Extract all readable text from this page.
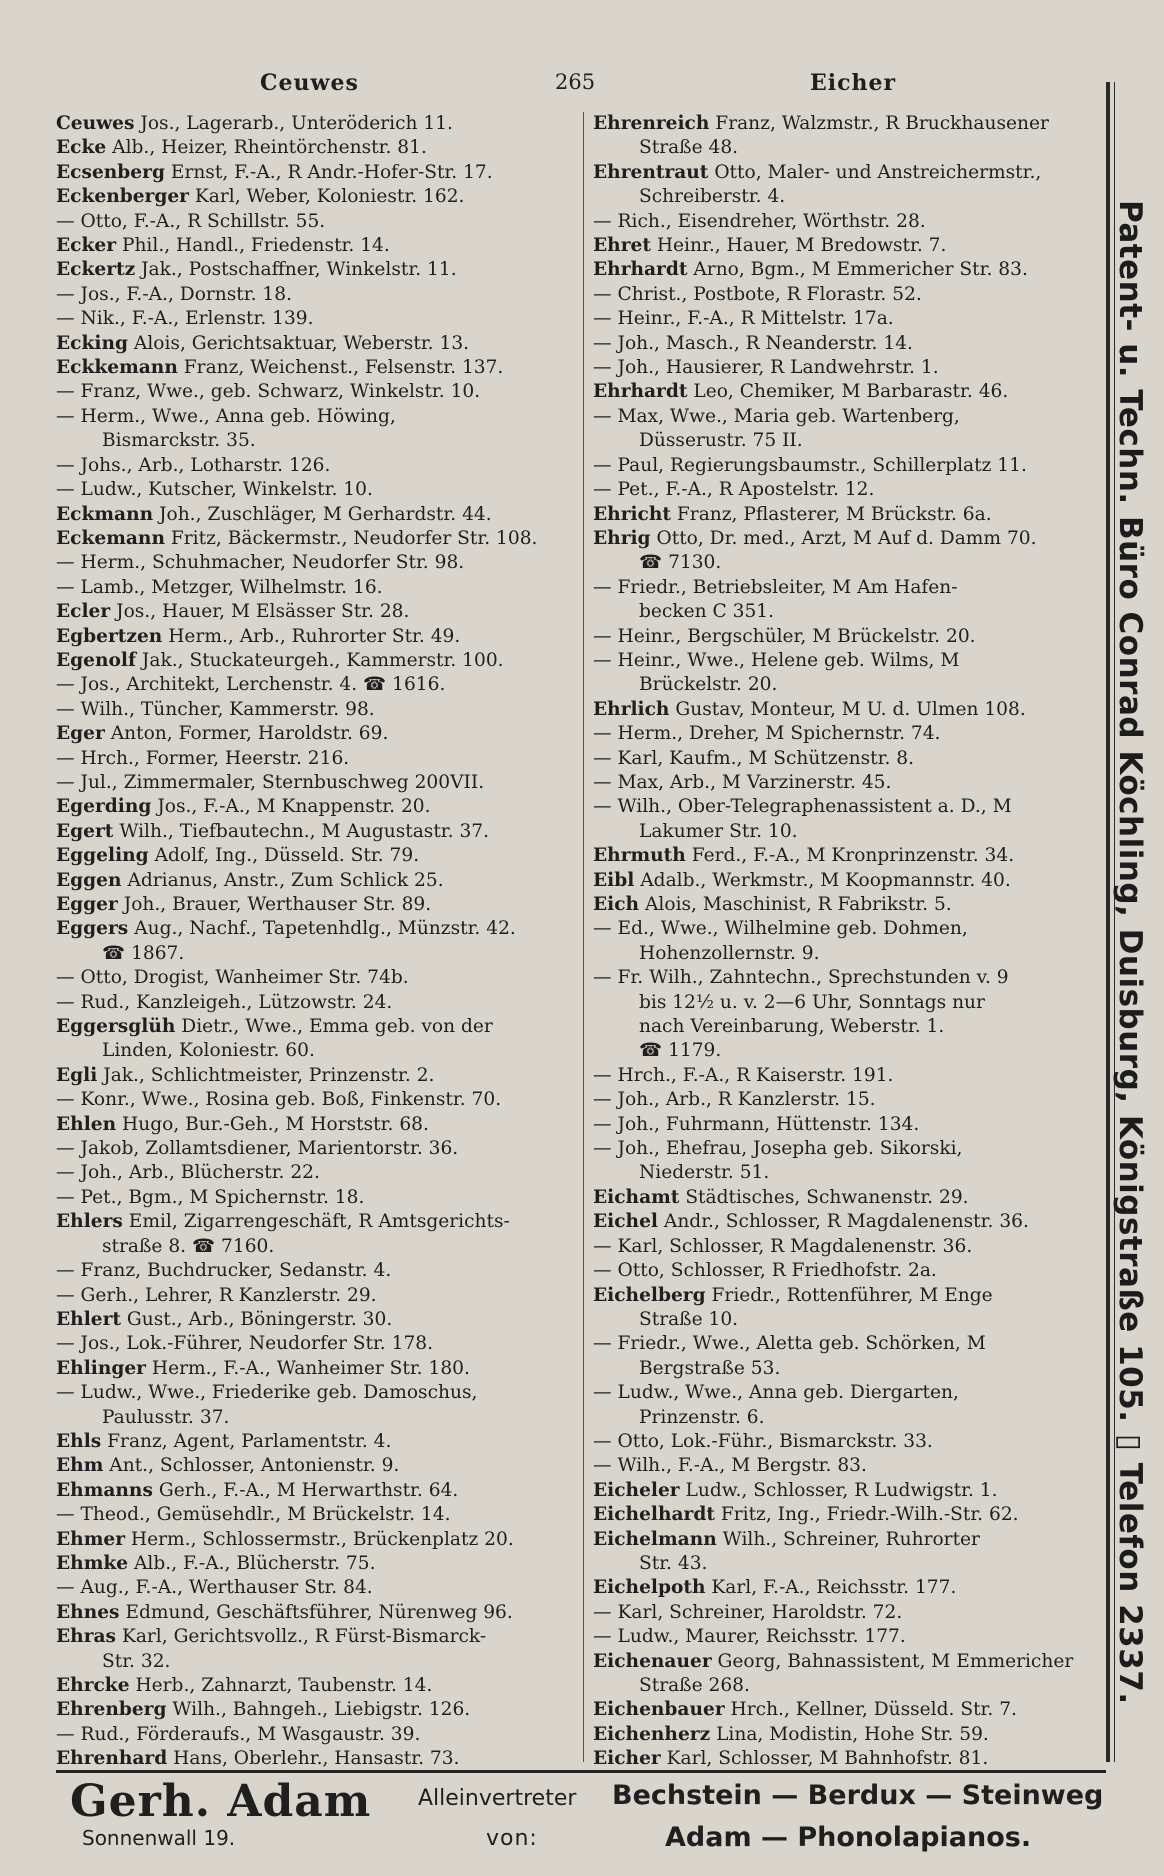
Ceuwes	265	Eicher
Ceuwes Jos., Lagerarb., Unteröderich 11.
Ecke Alb., Heizer, Rheintörchenstr. 81.
Ecsenberg Ernst, F.-A., R Andr.-Hofer-Str. 17.
Eckenberger Karl, Weber, Koloniestr. 162.
— Otto, F.-A., R Schillstr. 55.
Ecker Phil., Handl., Friedenstr. 14.
Eckertz Jak., Postschaffner, Winkelstr. 11.
— Jos., F.-A., Dornstr. 18.
— Nik., F.-A., Erlenstr. 139.
Ecking Alois, Gerichtsaktuar, Weberstr. 13.
Eckkemann Franz, Weichenst., Felsenstr. 137.
— Franz, Wwe., geb. Schwarz, Winkelstr. 10.
— Herm., Wwe., Anna geb. Höwing,
Bismarckstr. 35.
— Johs., Arb., Lotharstr. 126.
— Ludw., Kutscher, Winkelstr. 10.
Eckmann Joh., Zuschläger, M Gerhardstr. 44.
Eckemann Fritz, Bäckermstr., Neudorfer Str. 108.
— Herm., Schuhmacher, Neudorfer Str. 98.
— Lamb., Metzger, Wilhelmstr. 16.
Ecler Jos., Hauer, M Elsässer Str. 28.
Egbertzen Herm., Arb., Ruhrorter Str. 49.
Egenolf Jak., Stuckateurgeh., Kammerstr. 100.
— Jos., Architekt, Lerchenstr. 4. ☎ 1616.
— Wilh., Tüncher, Kammerstr. 98.
Eger Anton, Former, Haroldstr. 69.
— Hrch., Former, Heerstr. 216.
— Jul., Zimmermaler, Sternbuschweg 200VII.
Egerding Jos., F.-A., M Knappenstr. 20.
Egert Wilh., Tiefbautechn., M Augustastr. 37.
Eggeling Adolf, Ing., Düsseld. Str. 79.
Eggen Adrianus, Anstr., Zum Schlick 25.
Egger Joh., Brauer, Werthauser Str. 89.
Eggers Aug., Nachf., Tapetenhdlg., Münzstr. 42.
☎ 1867.
— Otto, Drogist, Wanheimer Str. 74b.
— Rud., Kanzleigeh., Lützowstr. 24.
Eggersglüh Dietr., Wwe., Emma geb. von der
Linden, Koloniestr. 60.
Egli Jak., Schlichtmeister, Prinzenstr. 2.
— Konr., Wwe., Rosina geb. Boß, Finkenstr. 70.
Ehlen Hugo, Bur.-Geh., M Horststr. 68.
— Jakob, Zollamtsdiener, Marientorstr. 36.
— Joh., Arb., Blücherstr. 22.
— Pet., Bgm., M Spichernstr. 18.
Ehlers Emil, Zigarrengeschäft, R Amtsgerichts-
straße 8. ☎ 7160.
— Franz, Buchdrucker, Sedanstr. 4.
— Gerh., Lehrer, R Kanzlerstr. 29.
Ehlert Gust., Arb., Böningerstr. 30.
— Jos., Lok.-Führer, Neudorfer Str. 178.
Ehlinger Herm., F.-A., Wanheimer Str. 180.
— Ludw., Wwe., Friederike geb. Damoschus,
Paulusstr. 37.
Ehls Franz, Agent, Parlamentstr. 4.
Ehm Ant., Schlosser, Antonienstr. 9.
Ehmanns Gerh., F.-A., M Herwarthstr. 64.
— Theod., Gemüsehdlr., M Brückelstr. 14.
Ehmer Herm., Schlossermstr., Brückenplatz 20.
Ehmke Alb., F.-A., Blücherstr. 75.
— Aug., F.-A., Werthauser Str. 84.
Ehnes Edmund, Geschäftsführer, Nürenweg 96.
Ehras Karl, Gerichtsvollz., R Fürst-Bismarck-
Str. 32.
Ehrcke Herb., Zahnarzt, Taubenstr. 14.
Ehrenberg Wilh., Bahngeh., Liebigstr. 126.
— Rud., Förderaufs., M Wasgaustr. 39.
Ehrenhard Hans, Oberlehr., Hansastr. 73.
Ehrenreich Franz, Walzmstr., R Bruckhausener
Straße 48.
Ehrentraut Otto, Maler- und Anstreichermstr.,
Schreiberstr. 4.
— Rich., Eisendreher, Wörthstr. 28.
Ehret Heinr., Hauer, M Bredowstr. 7.
Ehrhardt Arno, Bgm., M Emmericher Str. 83.
— Christ., Postbote, R Florastr. 52.
— Heinr., F.-A., R Mittelstr. 17a.
— Joh., Masch., R Neanderstr. 14.
— Joh., Hausierer, R Landwehrstr. 1.
Ehrhardt Leo, Chemiker, M Barbarastr. 46.
— Max, Wwe., Maria geb. Wartenberg,
Düsserustr. 75 II.
— Paul, Regierungsbaumstr., Schillerplatz 11.
— Pet., F.-A., R Apostelstr. 12.
Ehricht Franz, Pflasterer, M Brückstr. 6a.
Ehrig Otto, Dr. med., Arzt, M Auf d. Damm 70.
☎ 7130.
— Friedr., Betriebsleiter, M Am Hafen-
becken C 351.
— Heinr., Bergschüler, M Brückelstr. 20.
— Heinr., Wwe., Helene geb. Wilms, M
Brückelstr. 20.
Ehrlich Gustav, Monteur, M U. d. Ulmen 108.
— Herm., Dreher, M Spichernstr. 74.
— Karl, Kaufm., M Schützenstr. 8.
— Max, Arb., M Varzinerstr. 45.
— Wilh., Ober-Telegraphenassistent a. D., M
Lakumer Str. 10.
Ehrmuth Ferd., F.-A., M Kronprinzenstr. 34.
Eibl Adalb., Werkmstr., M Koopmannstr. 40.
Eich Alois, Maschinist, R Fabrikstr. 5.
— Ed., Wwe., Wilhelmine geb. Dohmen,
Hohenzollernstr. 9.
— Fr. Wilh., Zahntechn., Sprechstunden v. 9
bis 12½ u. v. 2—6 Uhr, Sonntags nur
nach Vereinbarung, Weberstr. 1.
☎ 1179.
— Hrch., F.-A., R Kaiserstr. 191.
— Joh., Arb., R Kanzlerstr. 15.
— Joh., Fuhrmann, Hüttenstr. 134.
— Joh., Ehefrau, Josepha geb. Sikorski,
Niederstr. 51.
Eichamt Städtisches, Schwanenstr. 29.
Eichel Andr., Schlosser, R Magdalenenstr. 36.
— Karl, Schlosser, R Magdalenenstr. 36.
— Otto, Schlosser, R Friedhofstr. 2a.
Eichelberg Friedr., Rottenführer, M Enge
Straße 10.
— Friedr., Wwe., Aletta geb. Schörken, M
Bergstraße 53.
— Ludw., Wwe., Anna geb. Diergarten,
Prinzenstr. 6.
— Otto, Lok.-Führ., Bismarckstr. 33.
— Wilh., F.-A., M Bergstr. 83.
Eicheler Ludw., Schlosser, R Ludwigstr. 1.
Eichelhardt Fritz, Ing., Friedr.-Wilh.-Str. 62.
Eichelmann Wilh., Schreiner, Ruhrorter
Str. 43.
Eichelpoth Karl, F.-A., Reichsstr. 177.
— Karl, Schreiner, Haroldstr. 72.
— Ludw., Maurer, Reichsstr. 177.
Eichenauer Georg, Bahnassistent, M Emmericher
Straße 268.
Eichenbauer Hrch., Kellner, Düsseld. Str. 7.
Eichenherz Lina, Modistin, Hohe Str. 59.
Eicher Karl, Schlosser, M Bahnhofstr. 81.
Patent- u. Techn. Büro Conrad Köchling, Duisburg, Königstraße 105. ▯ Telefon 2337.
Gerh. Adam
Sonnenwall 19.
Alleinvertreter
von:
Bechstein — Berdux — Steinweg
Adam — Phonolapianos.
